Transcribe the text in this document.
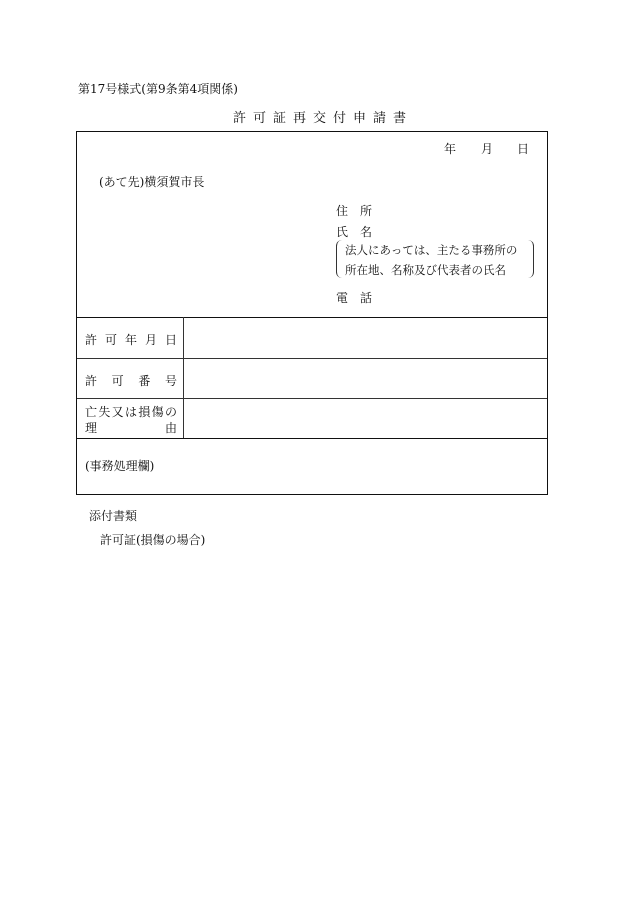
第17号様式(第9条第4項関係)
許可証再交付申請書
年 月 日
(あて先)横須賀市長
住　所
氏　名
法人にあっては、主たる事務所の
所在地、名称及び代表者の氏名
電　話
許 可 年 月 日
許 可 番 号
亡 失 又 は 損 傷 の
理	由
(事務処理欄)
添付書類
許可証(損傷の場合)
